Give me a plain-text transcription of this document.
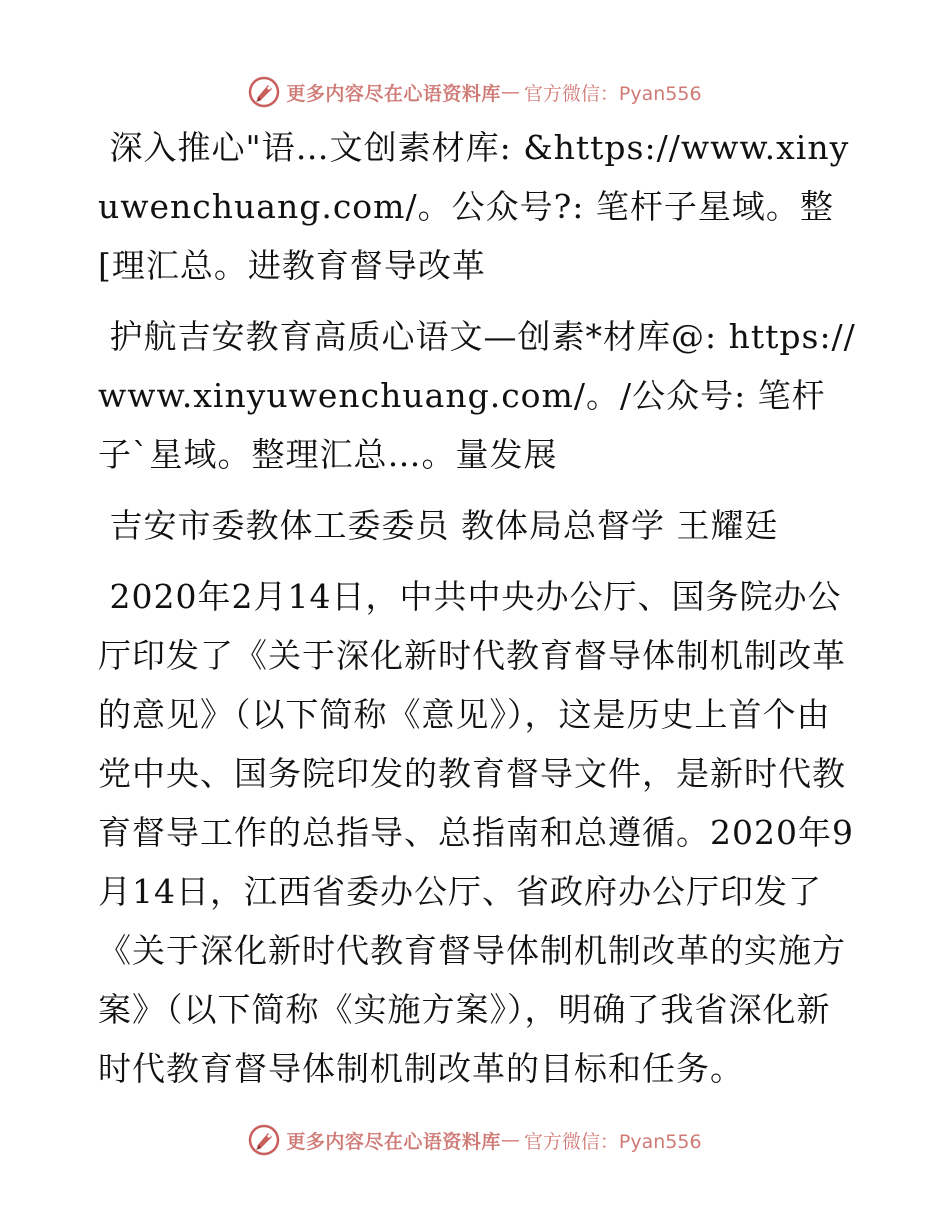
更多内容尽在心语资料库 — 官方微信：Pyan556

深入推心"语…文创素材库: &https://www.xinyuwenchuang.com/。公众号?: 笔杆子星域。整[理汇总。进教育督导改革

护航吉安教育高质心语文—创素*材库@: https://www.xinyuwenchuang.com/。/公众号: 笔杆子`星域。整理汇总…。量发展

吉安市委教体工委委员 教体局总督学 王耀廷

2020年2月14日，中共中央办公厅、国务院办公厅印发了《关于深化新时代教育督导体制机制改革的意见》（以下简称《意见》），这是历史上首个由党中央、国务院印发的教育督导文件，是新时代教育督导工作的总指导、总指南和总遵循。2020年9月14日，江西省委办公厅、省政府办公厅印发了《关于深化新时代教育督导体制机制改革的实施方案》（以下简称《实施方案》），明确了我省深化新时代教育督导体制机制改革的目标和任务。

更多内容尽在心语资料库 — 官方微信：Pyan556
